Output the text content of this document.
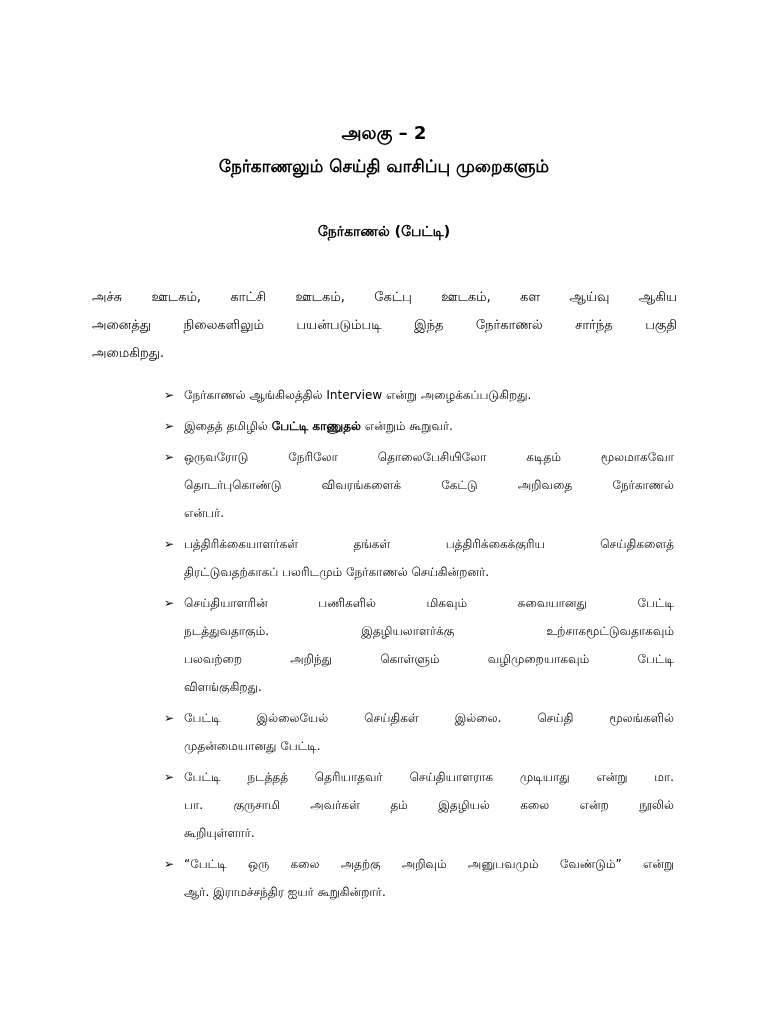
அலகு – 2
நேர்காணலும் செய்தி வாசிப்பு முறைகளும்
நேர்காணல் (பேட்டி)

அச்சு ஊடகம், காட்சி ஊடகம், கேட்பு ஊடகம், கள ஆய்வு ஆகிய
அனைத்து நிலைகளிலும் பயன்படும்படி இந்த நேர்காணல் சார்ந்த பகுதி
அமைகிறது.

➢ நேர்காணல் ஆங்கிலத்தில் Interview என்று அழைக்கப்படுகிறது.
➢ இதைத் தமிழில் பேட்டி காணுதல் என்றும் கூறுவர்.
➢ ஒருவரோடு நேரிலோ தொலைபேசியிலோ கடிதம் மூலமாகவோ
தொடர்புகொண்டு விவரங்களைக் கேட்டு அறிவதை நேர்காணல்
என்பர்.
➢ பத்திரிக்கையாளர்கள் தங்கள் பத்திரிக்கைக்குரிய செய்திகளைத்
திரட்டுவதற்காகப் பலரிடமும் நேர்காணல் செய்கின்றனர்.
➢ செய்தியாளரின் பணிகளில் மிகவும் சுவையானது பேட்டி
நடத்துவதாகும். இதழியலாளர்க்கு உற்சாகமூட்டுவதாகவும்
பலவற்றை அறிந்து கொள்ளும் வழிமுறையாகவும் பேட்டி
விளங்குகிறது.
➢ பேட்டி இல்லையேல் செய்திகள் இல்லை. செய்தி மூலங்களில்
முதன்மையானது பேட்டி.
➢ பேட்டி நடத்தத் தெரியாதவர் செய்தியாளராக முடியாது என்று மா.
பா. குருசாமி அவர்கள் தம் இதழியல் கலை என்ற நூலில்
கூறியுள்ளார்.
➢ “பேட்டி ஒரு கலை அதற்கு அறிவும் அனுபவமும் வேண்டும்” என்று
ஆர். இராமச்சந்திர ஐயர் கூறுகின்றார்.
